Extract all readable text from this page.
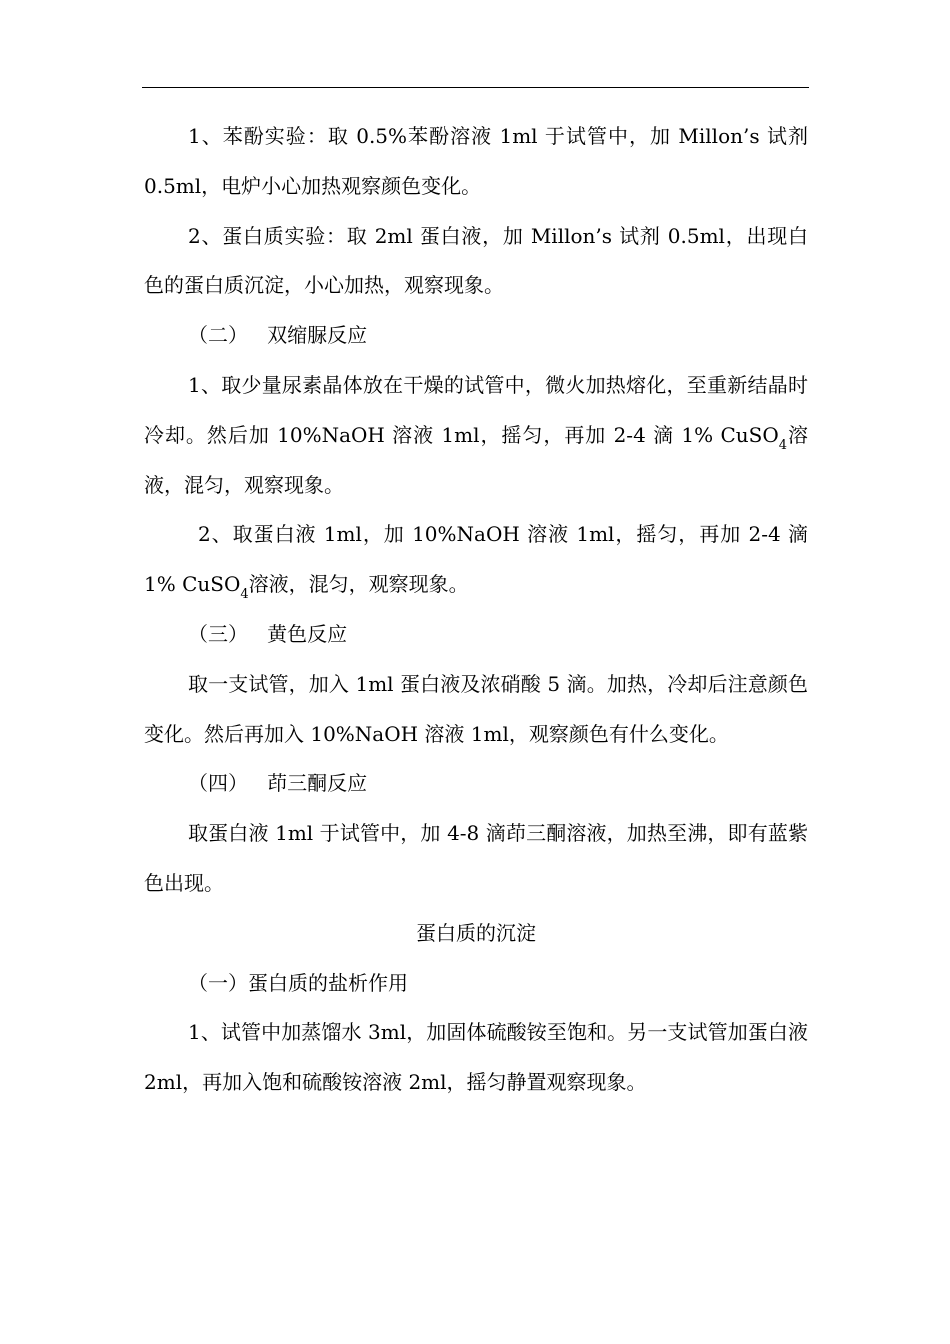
1、苯酚实验：取 0.5%苯酚溶液 1ml 于试管中，加 Millon’s 试剂 0.5ml，电炉小心加热观察颜色变化。

2、蛋白质实验：取 2ml 蛋白液，加 Millon’s 试剂 0.5ml，出现白色的蛋白质沉淀，小心加热，观察现象。

（二）   双缩脲反应

1、取少量尿素晶体放在干燥的试管中，微火加热熔化，至重新结晶时冷却。然后加 10%NaOH 溶液 1ml，摇匀，再加 2-4 滴 1% CuSO$_4$溶液，混匀，观察现象。

2、取蛋白液 1ml，加 10%NaOH 溶液 1ml，摇匀，再加 2-4 滴 1% CuSO$_4$溶液，混匀，观察现象。

（三）   黄色反应

取一支试管，加入 1ml 蛋白液及浓硝酸 5 滴。加热，冷却后注意颜色变化。然后再加入 10%NaOH 溶液 1ml，观察颜色有什么变化。

（四）   茚三酮反应

取蛋白液 1ml 于试管中，加 4-8 滴茚三酮溶液，加热至沸，即有蓝紫色出现。

蛋白质的沉淀

（一）蛋白质的盐析作用

1、试管中加蒸馏水 3ml，加固体硫酸铵至饱和。另一支试管加蛋白液 2ml，再加入饱和硫酸铵溶液 2ml，摇匀静置观察现象。
